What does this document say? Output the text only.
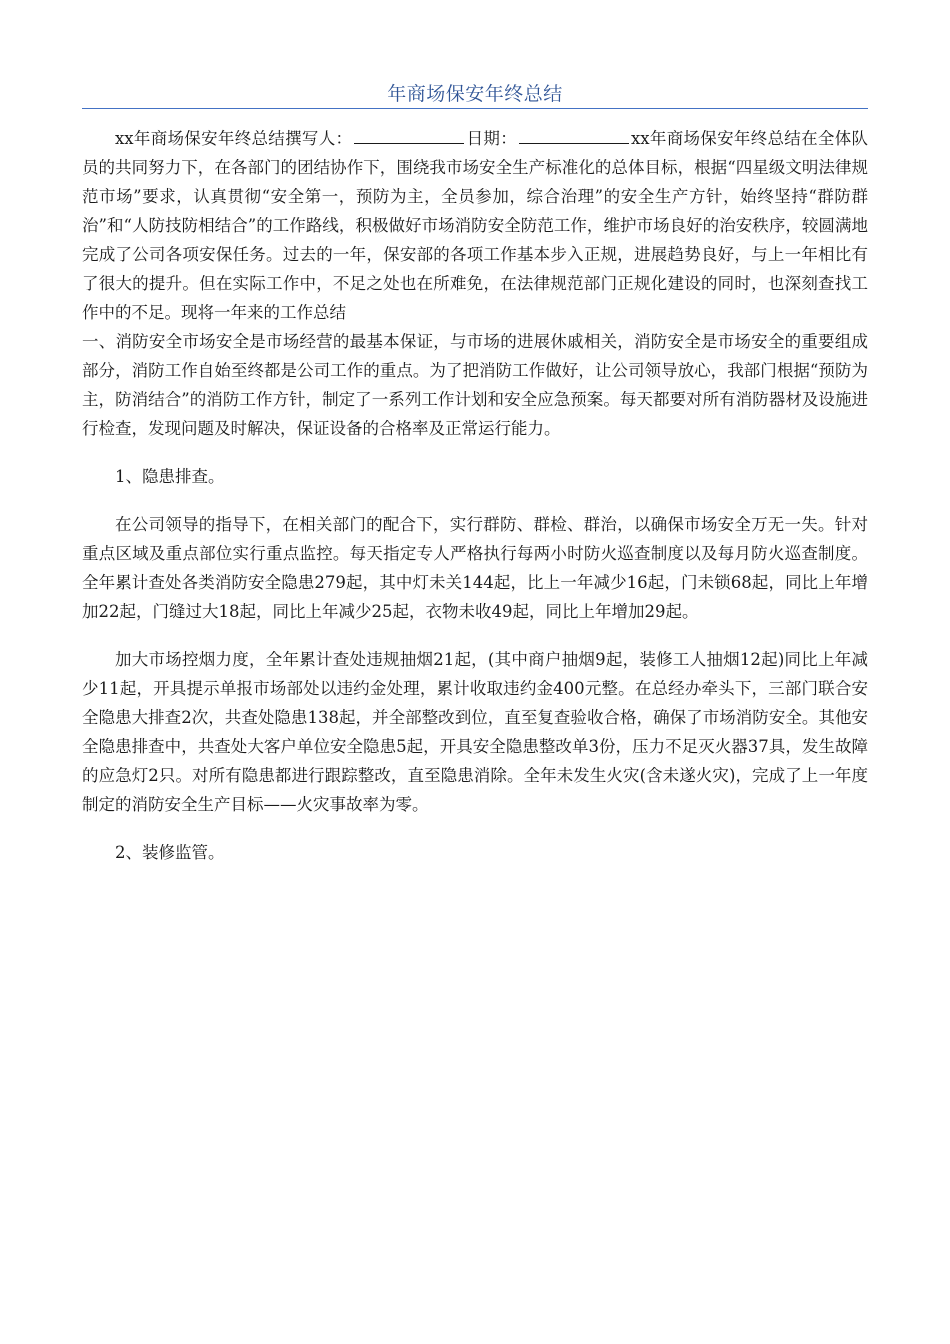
年商场保安年终总结

xx年商场保安年终总结撰写人：	日期：	xx年商场保安年终总结在全体队员的共同努力下，在各部门的团结协作下，围绕我市场安全生产标准化的总体目标，根据“四星级文明法律规范市场”要求，认真贯彻“安全第一，预防为主，全员参加，综合治理”的安全生产方针，始终坚持“群防群治”和“人防技防相结合”的工作路线，积极做好市场消防安全防范工作，维护市场良好的治安秩序，较圆满地完成了公司各项安保任务。过去的一年，保安部的各项工作基本步入正规，进展趋势良好，与上一年相比有了很大的提升。但在实际工作中，不足之处也在所难免，在法律规范部门正规化建设的同时，也深刻查找工作中的不足。现将一年来的工作总结

一、消防安全市场安全是市场经营的最基本保证，与市场的进展休戚相关，消防安全是市场安全的重要组成部分，消防工作自始至终都是公司工作的重点。为了把消防工作做好，让公司领导放心，我部门根据“预防为主，防消结合”的消防工作方针，制定了一系列工作计划和安全应急预案。每天都要对所有消防器材及设施进行检查，发现问题及时解决，保证设备的合格率及正常运行能力。

1、隐患排查。

在公司领导的指导下，在相关部门的配合下，实行群防、群检、群治，以确保市场安全万无一失。针对重点区域及重点部位实行重点监控。每天指定专人严格执行每两小时防火巡查制度以及每月防火巡查制度。全年累计查处各类消防安全隐患279起，其中灯未关144起，比上一年减少16起，门未锁68起，同比上年增加22起，门缝过大18起，同比上年减少25起，衣物未收49起，同比上年增加29起。

加大市场控烟力度，全年累计查处违规抽烟21起，(其中商户抽烟9起，装修工人抽烟12起)同比上年减少11起，开具提示单报市场部处以违约金处理，累计收取违约金400元整。在总经办牵头下，三部门联合安全隐患大排查2次，共查处隐患138起，并全部整改到位，直至复查验收合格，确保了市场消防安全。其他安全隐患排查中，共查处大客户单位安全隐患5起，开具安全隐患整改单3份，压力不足灭火器37具，发生故障的应急灯2只。对所有隐患都进行跟踪整改，直至隐患消除。全年未发生火灾(含未遂火灾)，完成了上一年度制定的消防安全生产目标——火灾事故率为零。

2、装修监管。
